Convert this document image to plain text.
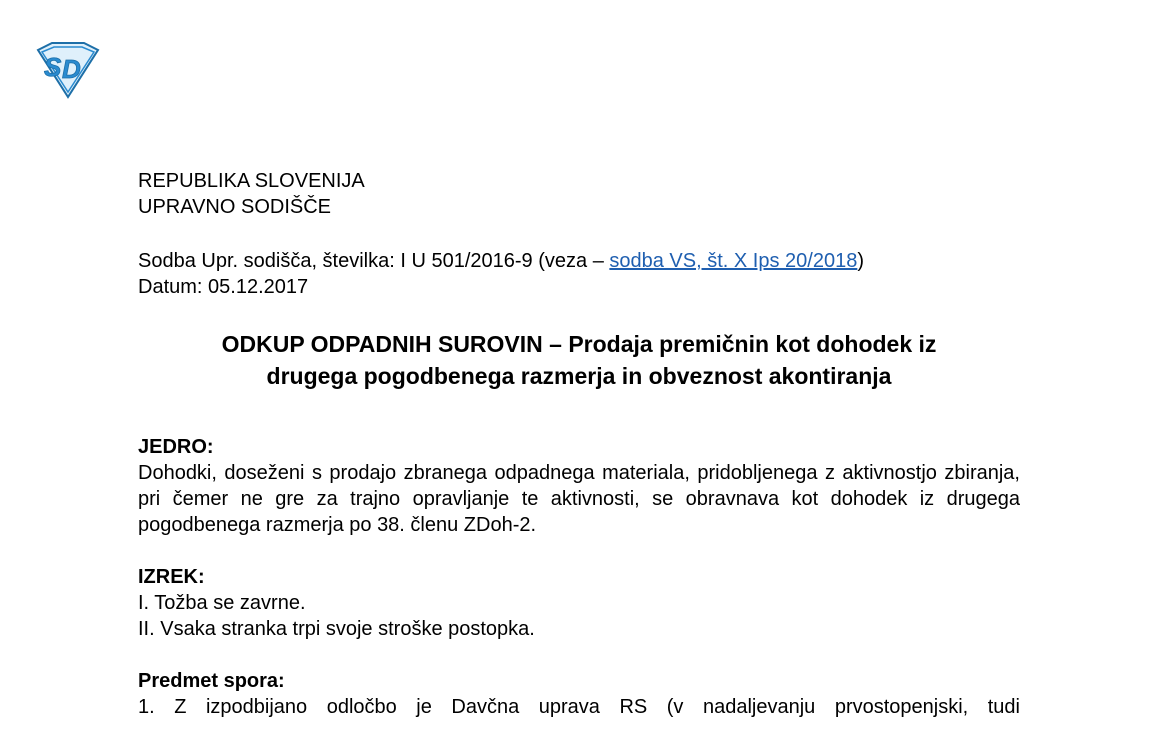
S D
REPUBLIKA SLOVENIJA
UPRAVNO SODIŠČE
Sodba Upr. sodišča, številka: I U 501/2016-9 (veza – sodba VS, št. X Ips 20/2018)
Datum: 05.12.2017
ODKUP ODPADNIH SUROVIN – Prodaja premičnin kot dohodek iz
drugega pogodbenega razmerja in obveznost akontiranja
JEDRO:
Dohodki, doseženi s prodajo zbranega odpadnega materiala, pridobljenega z aktivnostjo zbiranja, pri čemer ne gre za trajno opravljanje te aktivnosti, se obravnava kot dohodek iz drugega pogodbenega razmerja po 38. členu ZDoh-2.
IZREK:
I. Tožba se zavrne.
II. Vsaka stranka trpi svoje stroške postopka.
Predmet spora:
1. Z izpodbijano odločbo je Davčna uprava RS (v nadaljevanju prvostopenjski, tudi
